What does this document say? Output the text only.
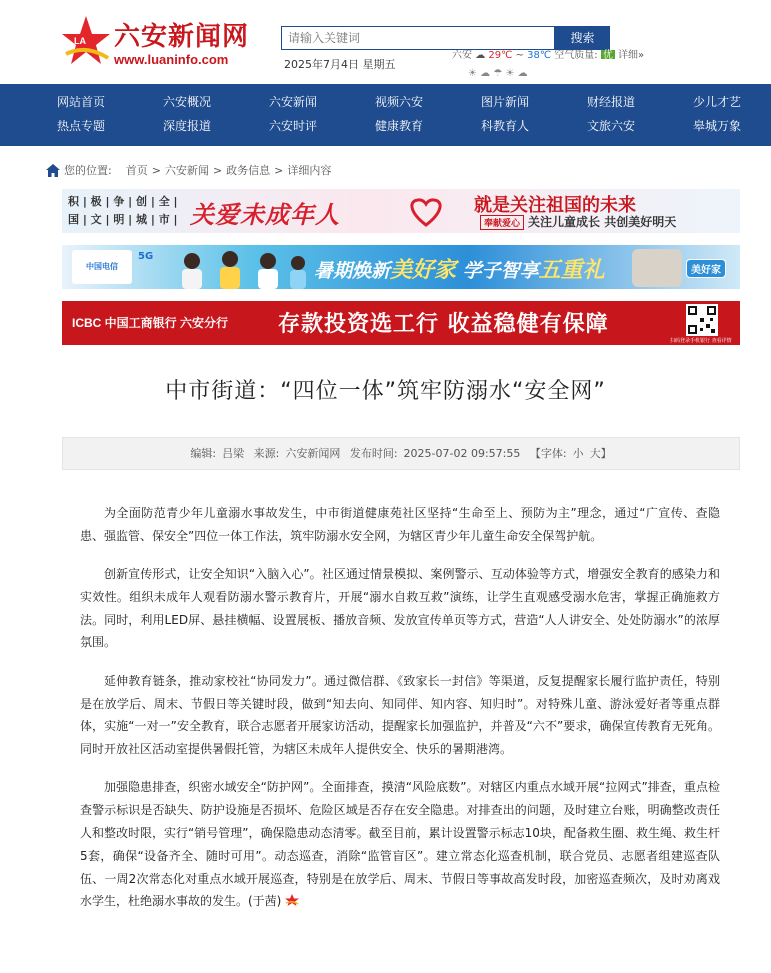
LA 六安新闻网
www.luaninfo.com
请输入关键词
搜索
2025年7月4日 星期五
六安 ☁ 29℃ ~ 38℃ 空气质量: 优 详细»
☀ ☁ ☂ ☀ ☁
网站首页	六安概况	六安新闻	视频六安	图片新闻	财经报道	少儿才艺
热点专题	深度报道	六安时评	健康教育	科教育人	文旅六安	皋城万象
您的位置: 首页 > 六安新闻 > 政务信息 > 详细内容
积 | 极 | 争 | 创 | 全 |
国 | 文 | 明 | 城 | 市 | 关爱未成年人	就是关注祖国的未来
奉献爱心 关注儿童成长 共创美好明天
中国电信
5G
暑期焕新美好家 学子智享五重礼	美好家
ICBC 中国工商银行 六安分行 存款投资选工行 收益稳健有保障
扫码登录手机银行 查看详情
中市街道：“四位一体”筑牢防溺水“安全网”
编辑: 吕梁 来源: 六安新闻网 发布时间: 2025-07-02 09:57:55 【字体: 小 大】

为全面防范青少年儿童溺水事故发生，中市街道健康苑社区坚持“生命至上、预防为主”理念，通过“广宣传、查隐患、强监管、保安全”四位一体工作法，筑牢防溺水安全网，为辖区青少年儿童生命安全保驾护航。

创新宣传形式，让安全知识“入脑入心”。社区通过情景模拟、案例警示、互动体验等方式，增强安全教育的感染力和实效性。组织未成年人观看防溺水警示教育片，开展“溺水自救互救”演练，让学生直观感受溺水危害，掌握正确施救方法。同时，利用LED屏、悬挂横幅、设置展板、播放音频、发放宣传单页等方式，营造“人人讲安全、处处防溺水”的浓厚氛围。

延伸教育链条，推动家校社“协同发力”。通过微信群、《致家长一封信》等渠道，反复提醒家长履行监护责任，特别是在放学后、周末、节假日等关键时段，做到“知去向、知同伴、知内容、知归时”。对特殊儿童、游泳爱好者等重点群体，实施“一对一”安全教育，联合志愿者开展家访活动，提醒家长加强监护，并普及“六不”要求，确保宣传教育无死角。同时开放社区活动室提供暑假托管，为辖区未成年人提供安全、快乐的暑期港湾。

加强隐患排查，织密水域安全“防护网”。全面排查，摸清“风险底数”。对辖区内重点水域开展“拉网式”排查，重点检查警示标识是否缺失、防护设施是否损坏、危险区域是否存在安全隐患。对排查出的问题，及时建立台账，明确整改责任人和整改时限，实行“销号管理”，确保隐患动态清零。截至目前，累计设置警示标志10块，配备救生圈、救生绳、救生杆5套，确保“设备齐全、随时可用”。动态巡查，消除“监管盲区”。建立常态化巡查机制，联合党员、志愿者组建巡查队伍、一周2次常态化对重点水域开展巡查，特别是在放学后、周末、节假日等事故高发时段，加密巡查频次，及时劝离戏水学生，杜绝溺水事故的发生。(于茜)
